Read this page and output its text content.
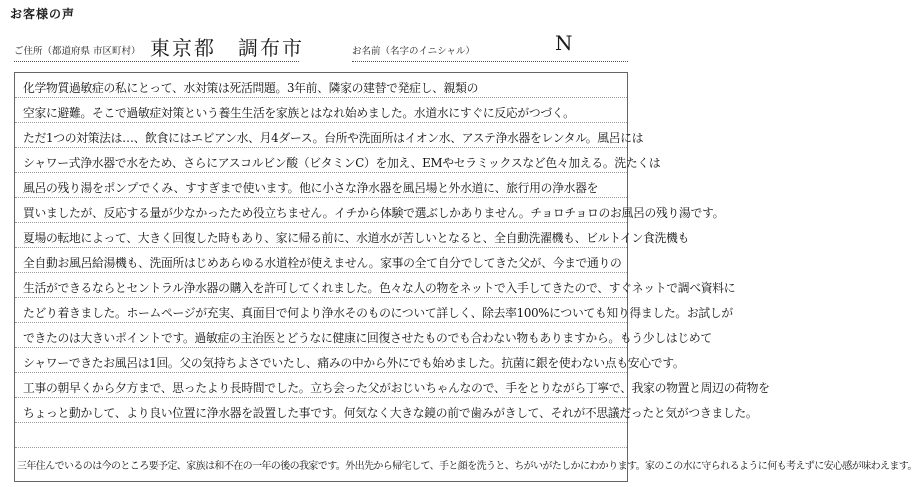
お客様の声
ご住所（都道府県 市区町村） 東京都　調布市	お名前（名字のイニシャル）	N
化学物質過敏症の私にとって、水対策は死活問題。3年前、隣家の建替で発症し、親類の
空家に避難。そこで過敏症対策という養生生活を家族とはなれ始めました。水道水にすぐに反応がつづく。
ただ1つの対策法は…、飲食にはエビアン水、月4ダース。台所や洗面所はイオン水、アステ浄水器をレンタル。風呂には
シャワー式浄水器で水をため、さらにアスコルビン酸（ビタミンC）を加え、EMやセラミックスなど色々加える。洗たくは
風呂の残り湯をポンプでくみ、すすぎまで使います。他に小さな浄水器を風呂場と外水道に、旅行用の浄水器を
買いましたが、反応する量が少なかったため役立ちません。イチから体験で選ぶしかありません。チョロチョロのお風呂の残り湯です。
夏場の転地によって、大きく回復した時もあり、家に帰る前に、水道水が苦しいとなると、全自動洗濯機も、ビルトイン食洗機も
全自動お風呂給湯機も、洗面所はじめあらゆる水道栓が使えません。家事の全て自分でしてきた父が、今まで通りの
生活ができるならとセントラル浄水器の購入を許可してくれました。色々な人の物をネットで入手してきたので、すぐネットで調べ資料に
たどり着きました。ホームページが充実、真面目で何より浄水そのものについて詳しく、除去率100%についても知り得ました。お試しが
できたのは大きいポイントです。過敏症の主治医とどうなに健康に回復させたものでも合わない物もありますから。もう少しはじめて
シャワーできたお風呂は1回。父の気持ちよさでいたし、痛みの中から外にでも始めました。抗菌に銀を使わない点も安心です。
工事の朝早くから夕方まで、思ったより長時間でした。立ち会った父がおじいちゃんなので、手をとりながら丁寧で、我家の物置と周辺の荷物を
ちょっと動かして、より良い位置に浄水器を設置した事です。何気なく大きな鏡の前で歯みがきして、それが不思議だったと気がつきました。
三年住んでいるのは今のところ要予定、家族は和不在の一年の後の我家です。外出先から帰宅して、手と顔を洗うと、ちがいがたしかにわかります。家のこの水に守られるように何も考えずに安心感が味わえます。
